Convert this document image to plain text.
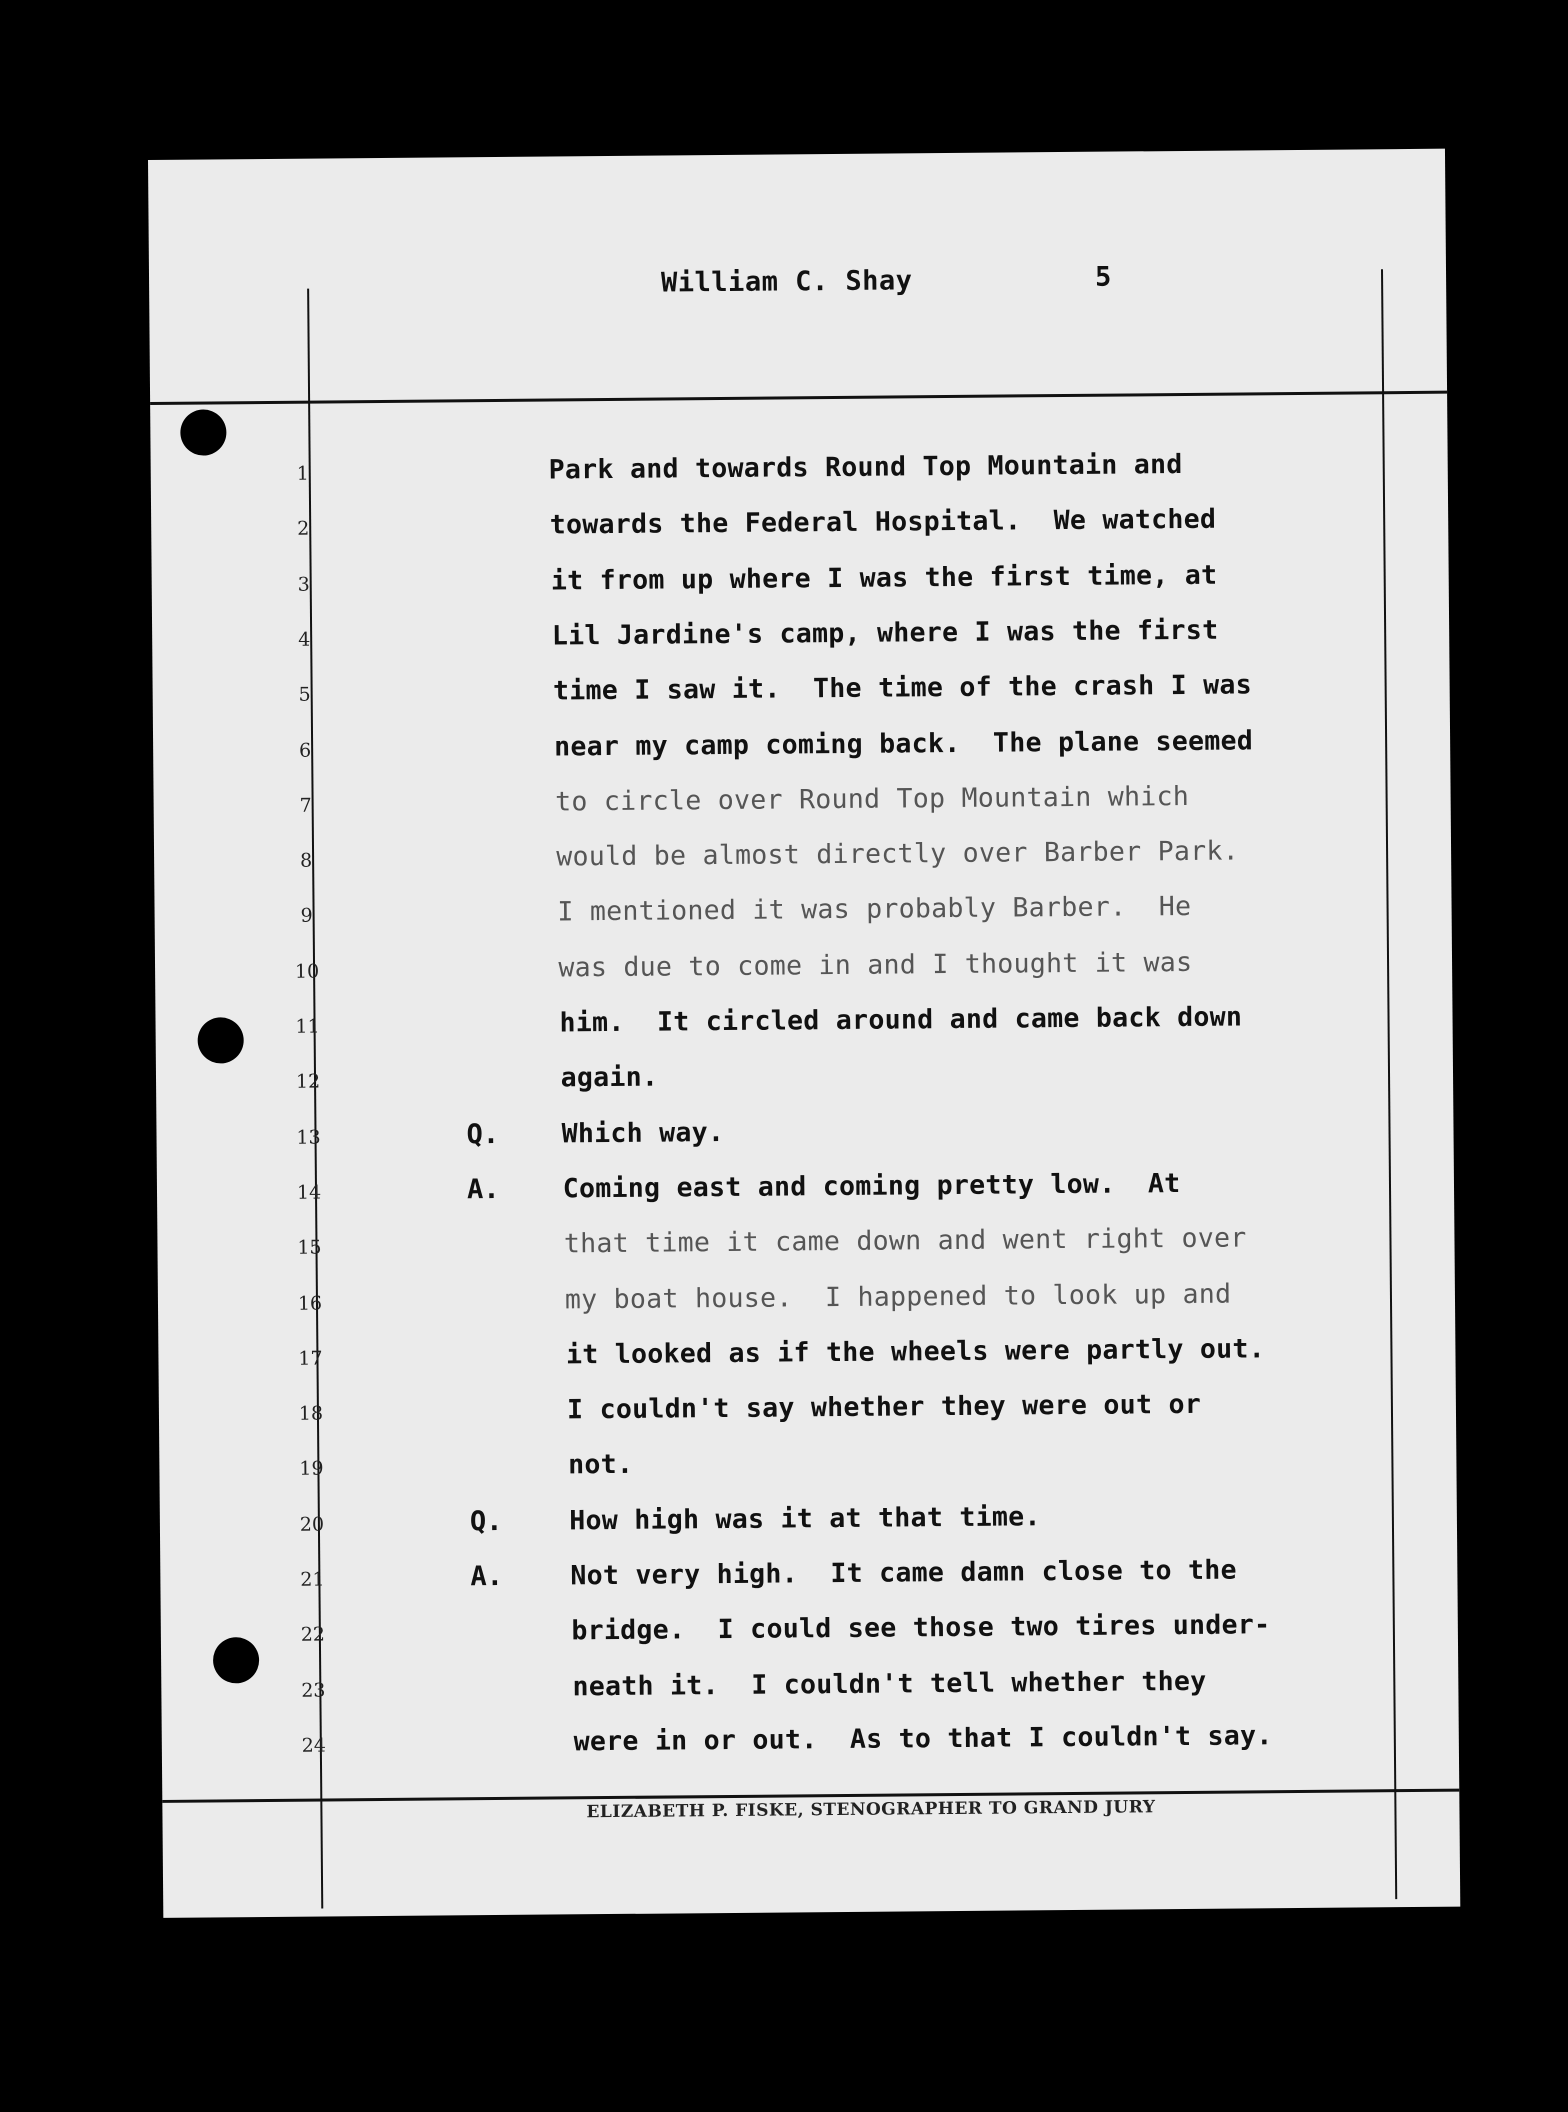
William C. Shay	5
1	Park and towards Round Top Mountain and
2	towards the Federal Hospital.  We watched
3	it from up where I was the first time, at
4	Lil Jardine's camp, where I was the first
5	time I saw it.  The time of the crash I was
6	near my camp coming back.  The plane seemed
7	to circle over Round Top Mountain which
8	would be almost directly over Barber Park.
9	I mentioned it was probably Barber.  He
10	was due to come in and I thought it was
11	him.  It circled around and came back down
12	again.
13	Q. Which way.
14	A. Coming east and coming pretty low.  At
15	that time it came down and went right over
16	my boat house.  I happened to look up and
17	it looked as if the wheels were partly out.
18	I couldn't say whether they were out or
19	not.
20	Q.	How high was it at that time.
21	A.	Not very high.  It came damn close to the
22	bridge.  I could see those two tires under-
23	neath it.  I couldn't tell whether they
24	were in or out.  As to that I couldn't say.
ELIZABETH P. FISKE, STENOGRAPHER TO GRAND JURY
